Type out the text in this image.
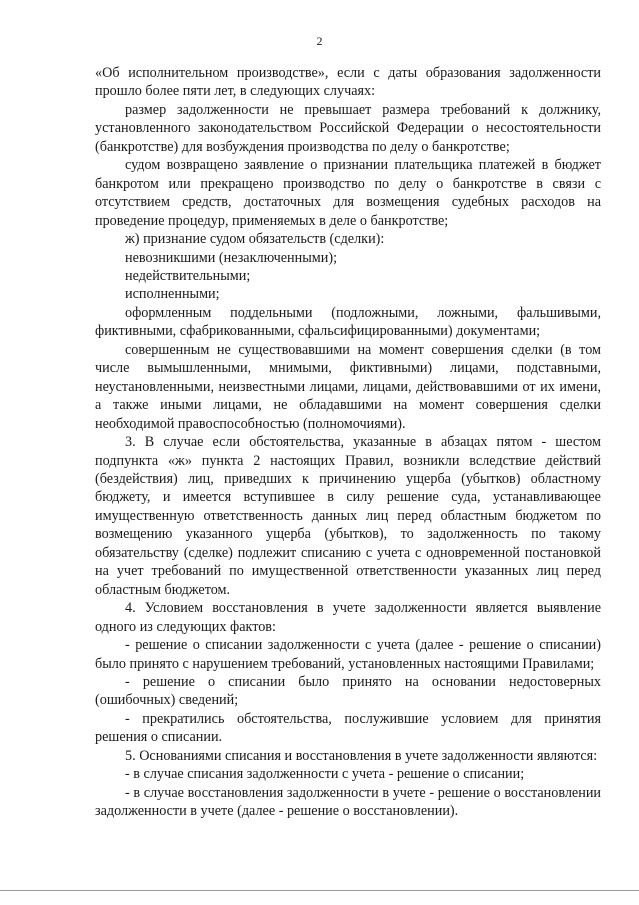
2

«Об исполнительном производстве», если с даты образования задолженности прошло более пяти лет, в следующих случаях:

размер задолженности не превышает размера требований к должнику, установленного законодательством Российской Федерации о несостоятельности (банкротстве) для возбуждения производства по делу о банкротстве;

судом возвращено заявление о признании плательщика платежей в бюджет банкротом или прекращено производство по делу о банкротстве в связи с отсутствием средств, достаточных для возмещения судебных расходов на проведение процедур, применяемых в деле о банкротстве;

ж) признание судом обязательств (сделки):

невозникшими (незаключенными);

недействительными;

исполненными;

оформленным поддельными (подложными, ложными, фальшивыми, фиктивными, сфабрикованными, сфальсифицированными) документами;

совершенным не существовавшими на момент совершения сделки (в том числе вымышленными, мнимыми, фиктивными) лицами, подставными, неустановленными, неизвестными лицами, лицами, действовавшими от их имени, а также иными лицами, не обладавшими на момент совершения сделки необходимой правоспособностью (полномочиями).

3. В случае если обстоятельства, указанные в абзацах пятом - шестом подпункта «ж» пункта 2 настоящих Правил, возникли вследствие действий (бездействия) лиц, приведших к причинению ущерба (убытков) областному бюджету, и имеется вступившее в силу решение суда, устанавливающее имущественную ответственность данных лиц перед областным бюджетом по возмещению указанного ущерба (убытков), то задолженность по такому обязательству (сделке) подлежит списанию с учета с одновременной постановкой на учет требований по имущественной ответственности указанных лиц перед областным бюджетом.

4. Условием восстановления в учете задолженности является выявление одного из следующих фактов:

- решение о списании задолженности с учета (далее - решение о списании) было принято с нарушением требований, установленных настоящими Правилами;

- решение о списании было принято на основании недостоверных (ошибочных) сведений;

- прекратились обстоятельства, послужившие условием для принятия решения о списании.

5. Основаниями списания и восстановления в учете задолженности являются:

- в случае списания задолженности с учета - решение о списании;

- в случае восстановления задолженности в учете - решение о восстановлении задолженности в учете (далее - решение о восстановлении).
